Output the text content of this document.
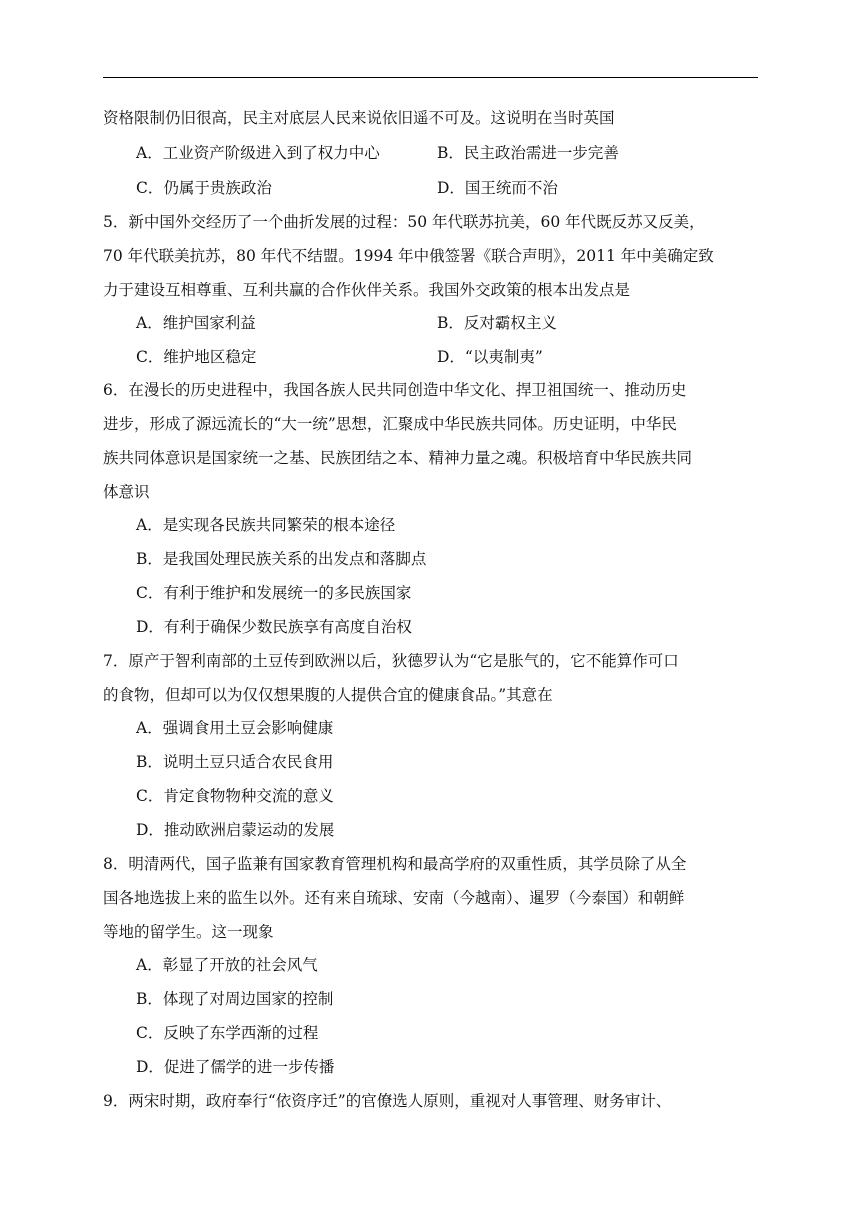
资格限制仍旧很高，民主对底层人民来说依旧遥不可及。这说明在当时英国
A．工业资产阶级进入到了权力中心	B．民主政治需进一步完善
C．仍属于贵族政治	D．国王统而不治
5．新中国外交经历了一个曲折发展的过程：50 年代联苏抗美，60 年代既反苏又反美，
70 年代联美抗苏，80 年代不结盟。1994 年中俄签署《联合声明》，2011 年中美确定致
力于建设互相尊重、互利共赢的合作伙伴关系。我国外交政策的根本出发点是
A．维护国家利益	B．反对霸权主义
C．维护地区稳定	D．“以夷制夷”
6．在漫长的历史进程中，我国各族人民共同创造中华文化、捍卫祖国统一、推动历史
进步，形成了源远流长的“大一统”思想，汇聚成中华民族共同体。历史证明，中华民
族共同体意识是国家统一之基、民族团结之本、精神力量之魂。积极培育中华民族共同
体意识
A．是实现各民族共同繁荣的根本途径
B．是我国处理民族关系的出发点和落脚点
C．有利于维护和发展统一的多民族国家
D．有利于确保少数民族享有高度自治权
7．原产于智利南部的土豆传到欧洲以后，狄德罗认为“它是胀气的，它不能算作可口
的食物，但却可以为仅仅想果腹的人提供合宜的健康食品。”其意在
A．强调食用土豆会影响健康
B．说明土豆只适合农民食用
C．肯定食物物种交流的意义
D．推动欧洲启蒙运动的发展
8．明清两代，国子监兼有国家教育管理机构和最高学府的双重性质，其学员除了从全
国各地选拔上来的监生以外。还有来自琉球、安南（今越南）、暹罗（今泰国）和朝鲜
等地的留学生。这一现象
A．彰显了开放的社会风气
B．体现了对周边国家的控制
C．反映了东学西渐的过程
D．促进了儒学的进一步传播
9．两宋时期，政府奉行“依资序迁”的官僚选人原则，重视对人事管理、财务审计、
